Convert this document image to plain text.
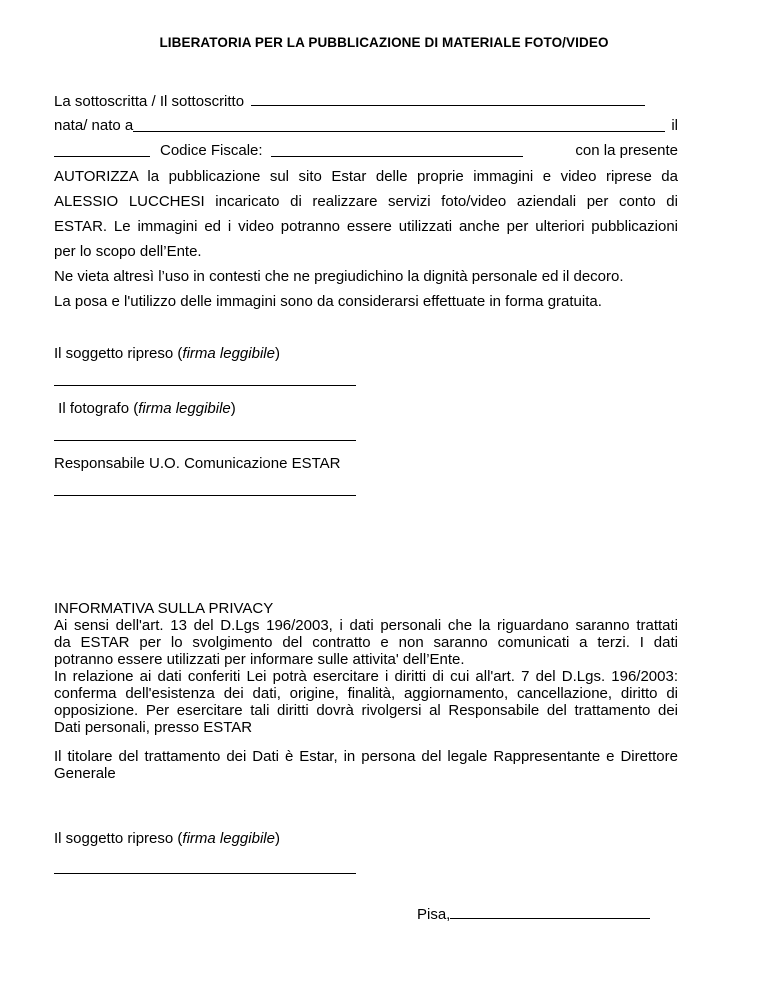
LIBERATORIA PER LA PUBBLICAZIONE DI MATERIALE FOTO/VIDEO
La sottoscritta / Il sottoscritto
nata/ nato a	il
Codice Fiscale:	con la presente
AUTORIZZA la pubblicazione sul sito Estar delle proprie immagini e video riprese da
ALESSIO LUCCHESI incaricato di realizzare servizi foto/video aziendali per conto di
ESTAR. Le immagini ed i video potranno essere utilizzati anche per ulteriori pubblicazioni
per lo scopo dell’Ente.
Ne vieta altresì l’uso in contesti che ne pregiudichino la dignità personale ed il decoro.
La posa e l'utilizzo delle immagini sono da considerarsi effettuate in forma gratuita.
Il soggetto ripreso (firma leggibile)
Il fotografo (firma leggibile)
Responsabile U.O. Comunicazione ESTAR
INFORMATIVA SULLA PRIVACY
Ai sensi dell'art. 13 del D.Lgs 196/2003, i dati personali che la riguardano saranno trattati
da ESTAR per lo svolgimento del contratto e non saranno comunicati a terzi. I dati
potranno essere utilizzati per informare sulle attivita' dell’Ente.
In relazione ai dati conferiti Lei potrà esercitare i diritti di cui all'art. 7 del D.Lgs. 196/2003:
conferma dell'esistenza dei dati, origine, finalità, aggiornamento, cancellazione, diritto di
opposizione. Per esercitare tali diritti dovrà rivolgersi al Responsabile del trattamento dei
Dati personali, presso ESTAR
Il titolare del trattamento dei Dati è Estar, in persona del legale Rappresentante e Direttore
Generale
Il soggetto ripreso (firma leggibile)
Pisa,
